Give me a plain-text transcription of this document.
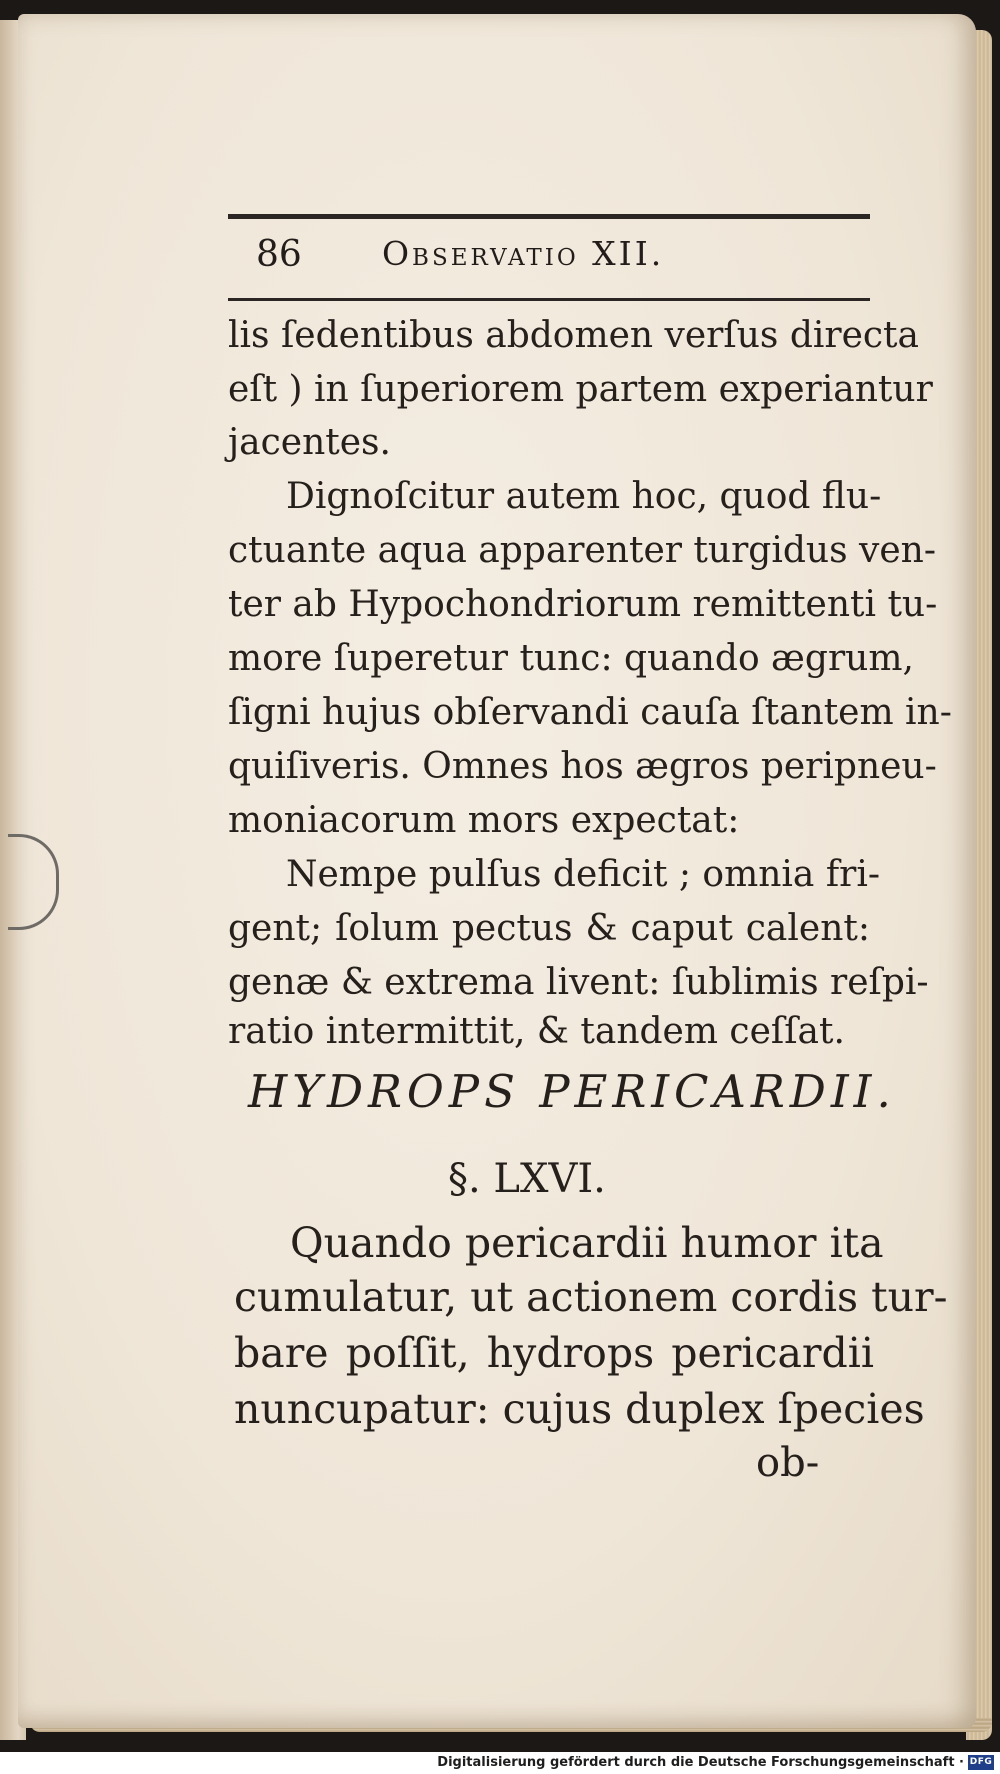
86 Observatio XII.
lis ſedentibus abdomen verſus directa
eſt ) in ſuperiorem partem experiantur
jacentes.
Dignoſcitur autem hoc, quod flu-
ctuante aqua apparenter turgidus ven-
ter ab Hypochondriorum remittenti tu-
more ſuperetur tunc: quando ægrum,
ſigni hujus obſervandi cauſa ſtantem in-
quiſiveris. Omnes hos ægros peripneu-
moniacorum mors expectat:
Nempe pulſus deficit ; omnia fri-
gent; ſolum pectus & caput calent:
genæ & extrema livent: ſublimis reſpi-
ratio intermittit, & tandem ceſſat.
HYDROPS PERICARDII.
§. LXVI.
Quando pericardii humor ita
cumulatur, ut actionem cordis tur-
bare poſſit, hydrops pericardii
nuncupatur: cujus duplex ſpecies
ob-
Digitalisierung gefördert durch die Deutsche Forschungsgemeinschaft · DFG
